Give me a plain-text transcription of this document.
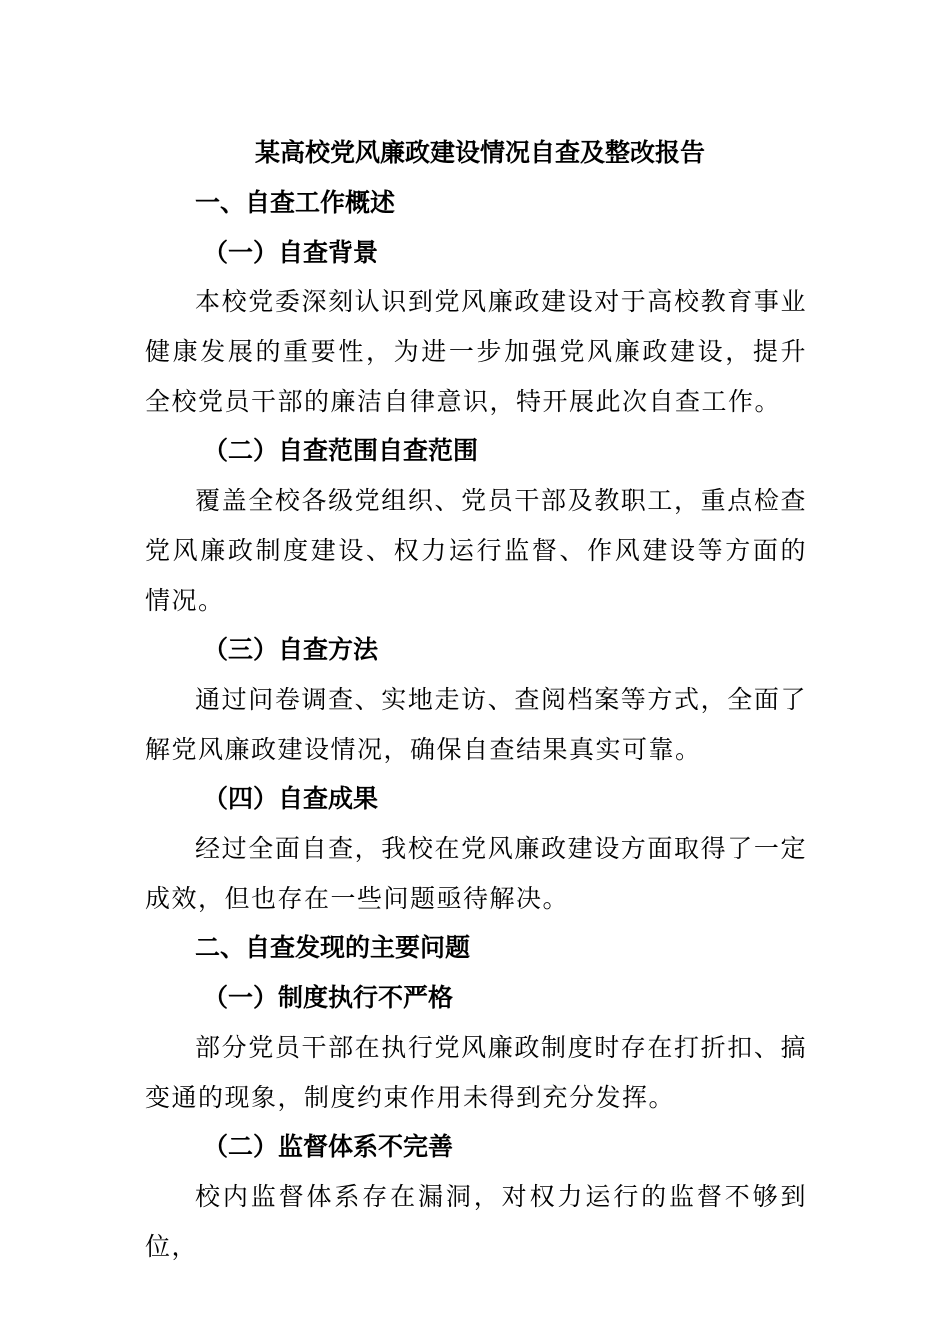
某高校党风廉政建设情况自查及整改报告
一、自查工作概述
（一）自查背景

本校党委深刻认识到党风廉政建设对于高校教育事业健康发展的重要性，为进一步加强党风廉政建设，提升全校党员干部的廉洁自律意识，特开展此次自查工作。

（二）自查范围自查范围

覆盖全校各级党组织、党员干部及教职工，重点检查党风廉政制度建设、权力运行监督、作风建设等方面的情况。

（三）自查方法

通过问卷调查、实地走访、查阅档案等方式，全面了解党风廉政建设情况，确保自查结果真实可靠。

（四）自查成果

经过全面自查，我校在党风廉政建设方面取得了一定成效，但也存在一些问题亟待解决。

二、自查发现的主要问题
（一）制度执行不严格

部分党员干部在执行党风廉政制度时存在打折扣、搞变通的现象，制度约束作用未得到充分发挥。

（二）监督体系不完善

校内监督体系存在漏洞，对权力运行的监督不够到位，
